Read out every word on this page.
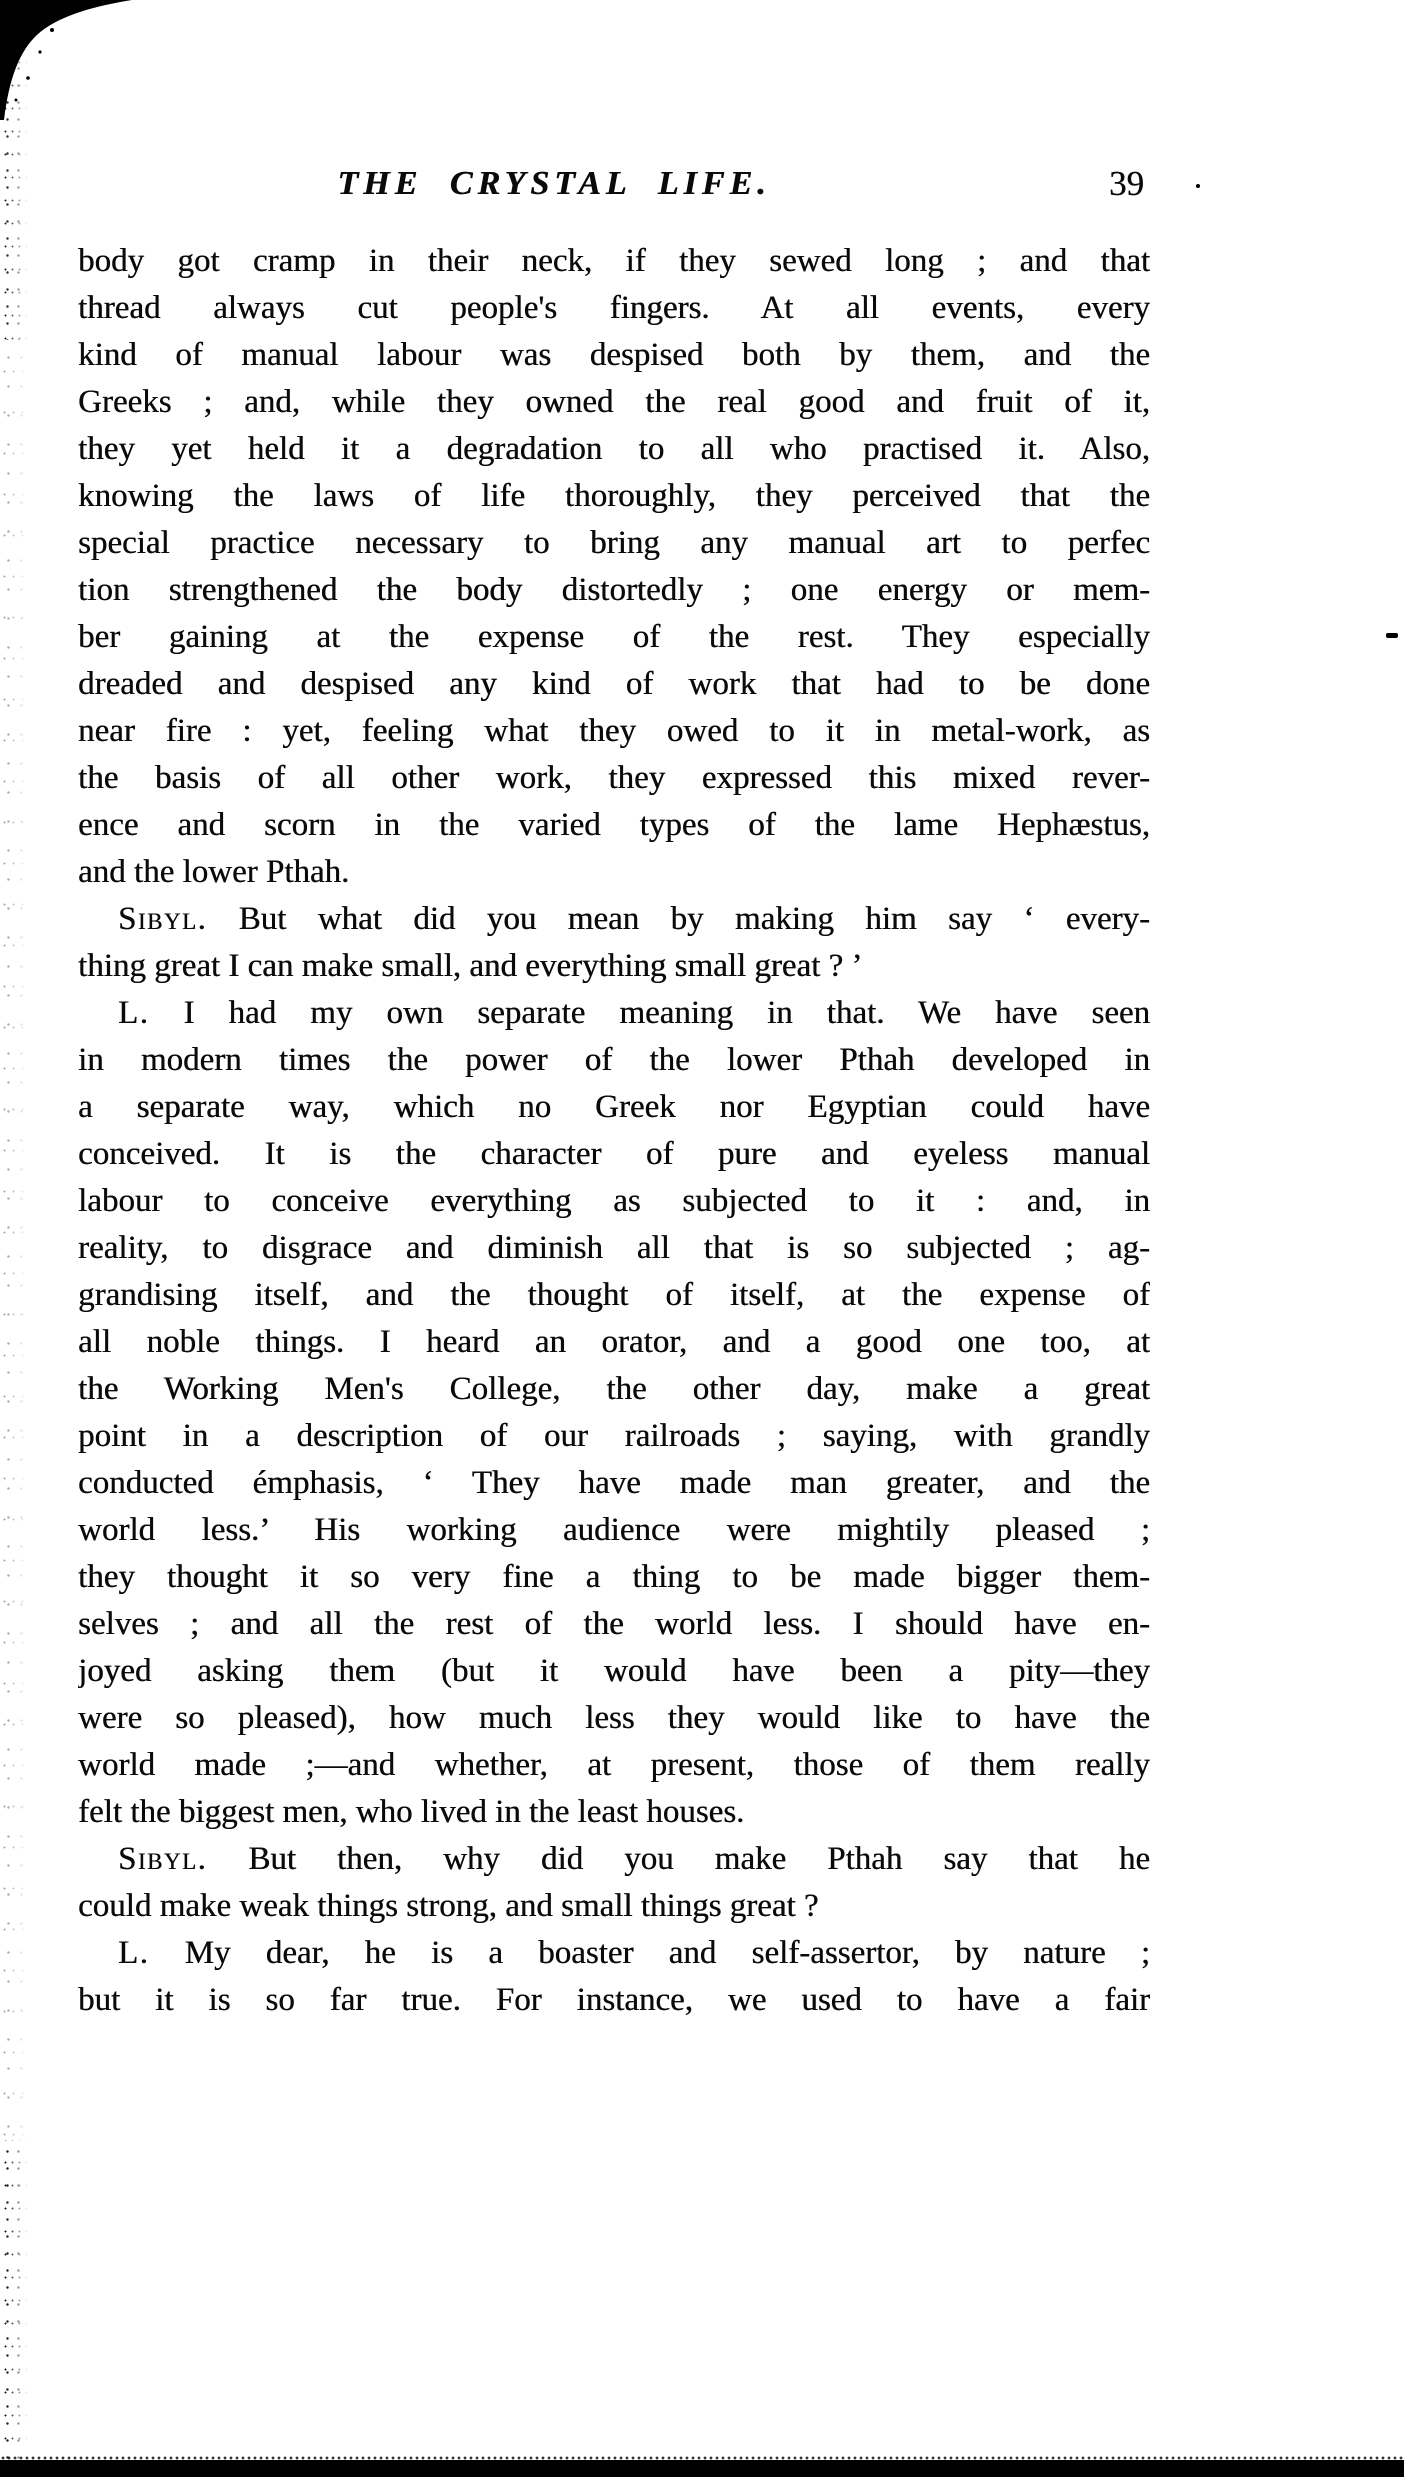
THE CRYSTAL LIFE.	39
body got cramp in their neck, if they sewed long ; and that
thread always cut people's fingers. At all events, every
kind of manual labour was despised both by them, and the
Greeks ; and, while they owned the real good and fruit of it,
they yet held it a degradation to all who practised it. Also,
knowing the laws of life thoroughly, they perceived that the
special practice necessary to bring any manual art to perfec
tion strengthened the body distortedly ; one energy or mem-
ber gaining at the expense of the rest. They especially
dreaded and despised any kind of work that had to be done
near fire : yet, feeling what they owed to it in metal-work, as
the basis of all other work, they expressed this mixed rever-
ence and scorn in the varied types of the lame Hephæstus,
and the lower Pthah.
Sibyl. But what did you mean by making him say ‘ every-
thing great I can make small, and everything small great ? ’
L. I had my own separate meaning in that. We have seen
in modern times the power of the lower Pthah developed in
a separate way, which no Greek nor Egyptian could have
conceived. It is the character of pure and eyeless manual
labour to conceive everything as subjected to it : and, in
reality, to disgrace and diminish all that is so subjected ; ag-
grandising itself, and the thought of itself, at the expense of
all noble things. I heard an orator, and a good one too, at
the Working Men's College, the other day, make a great
point in a description of our railroads ; saying, with grandly
conducted émphasis, ‘ They have made man greater, and the
world less.’ His working audience were mightily pleased ;
they thought it so very fine a thing to be made bigger them-
selves ; and all the rest of the world less. I should have en-
joyed asking them (but it would have been a pity—they
were so pleased), how much less they would like to have the
world made ;—and whether, at present, those of them really
felt the biggest men, who lived in the least houses.
Sibyl. But then, why did you make Pthah say that he
could make weak things strong, and small things great ?
L. My dear, he is a boaster and self-assertor, by nature ;
but it is so far true. For instance, we used to have a fair
